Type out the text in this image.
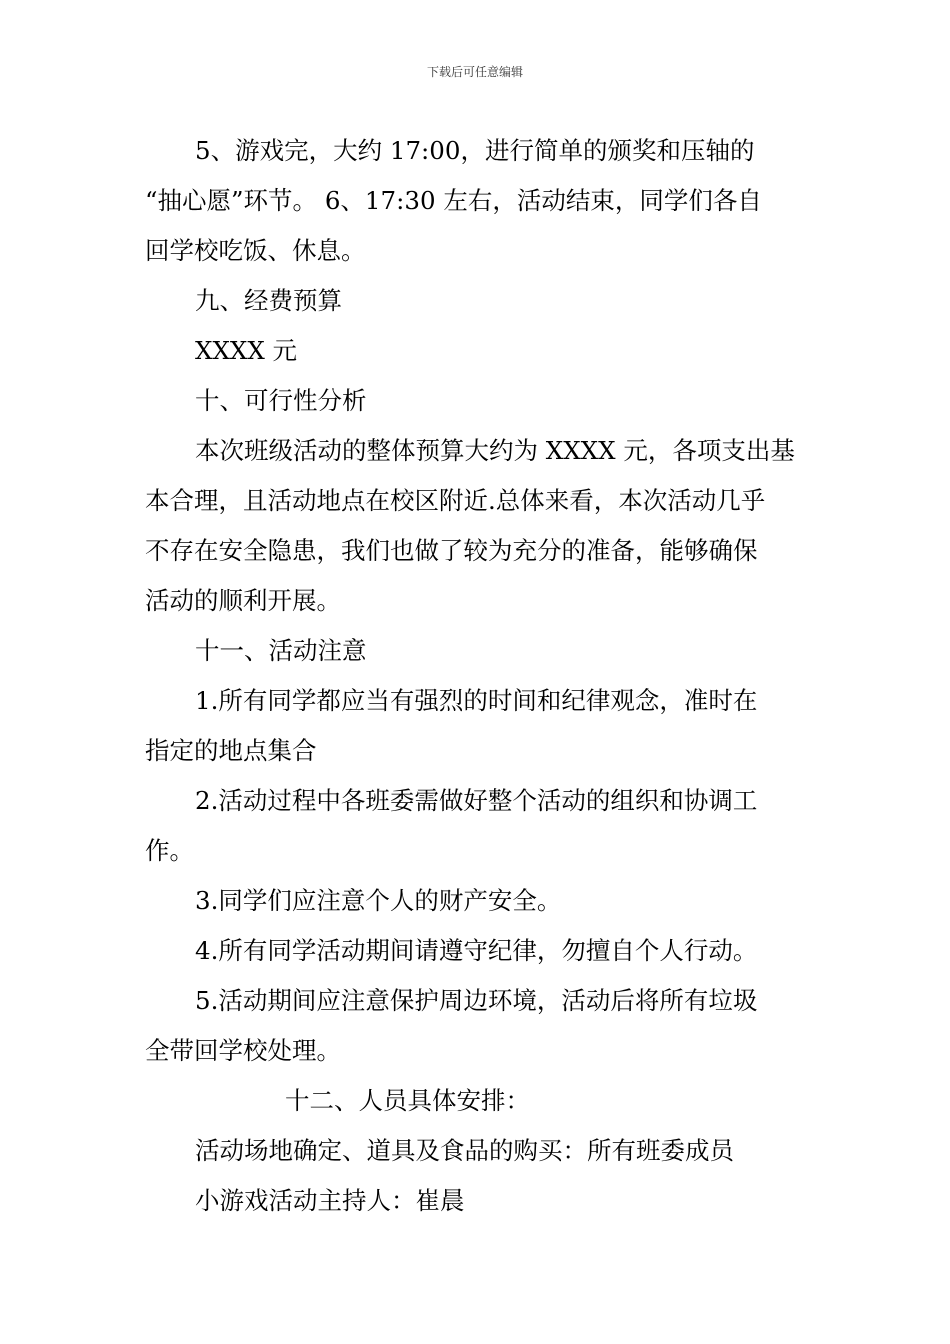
下载后可任意编辑
5、游戏完，大约 17:00，进行简单的颁奖和压轴的
“抽心愿”环节。 6、17:30 左右，活动结束，同学们各自
回学校吃饭、休息。
九、经费预算
XXXX 元
十、可行性分析
本次班级活动的整体预算大约为 XXXX 元，各项支出基
本合理，且活动地点在校区附近.总体来看，本次活动几乎
不存在安全隐患，我们也做了较为充分的准备，能够确保
活动的顺利开展。
十一、活动注意
1.所有同学都应当有强烈的时间和纪律观念，准时在
指定的地点集合
2.活动过程中各班委需做好整个活动的组织和协调工
作。
3.同学们应注意个人的财产安全。
4.所有同学活动期间请遵守纪律，勿擅自个人行动。
5.活动期间应注意保护周边环境，活动后将所有垃圾
全带回学校处理。
十二、人员具体安排：
活动场地确定、道具及食品的购买：所有班委成员
小游戏活动主持人：崔晨
